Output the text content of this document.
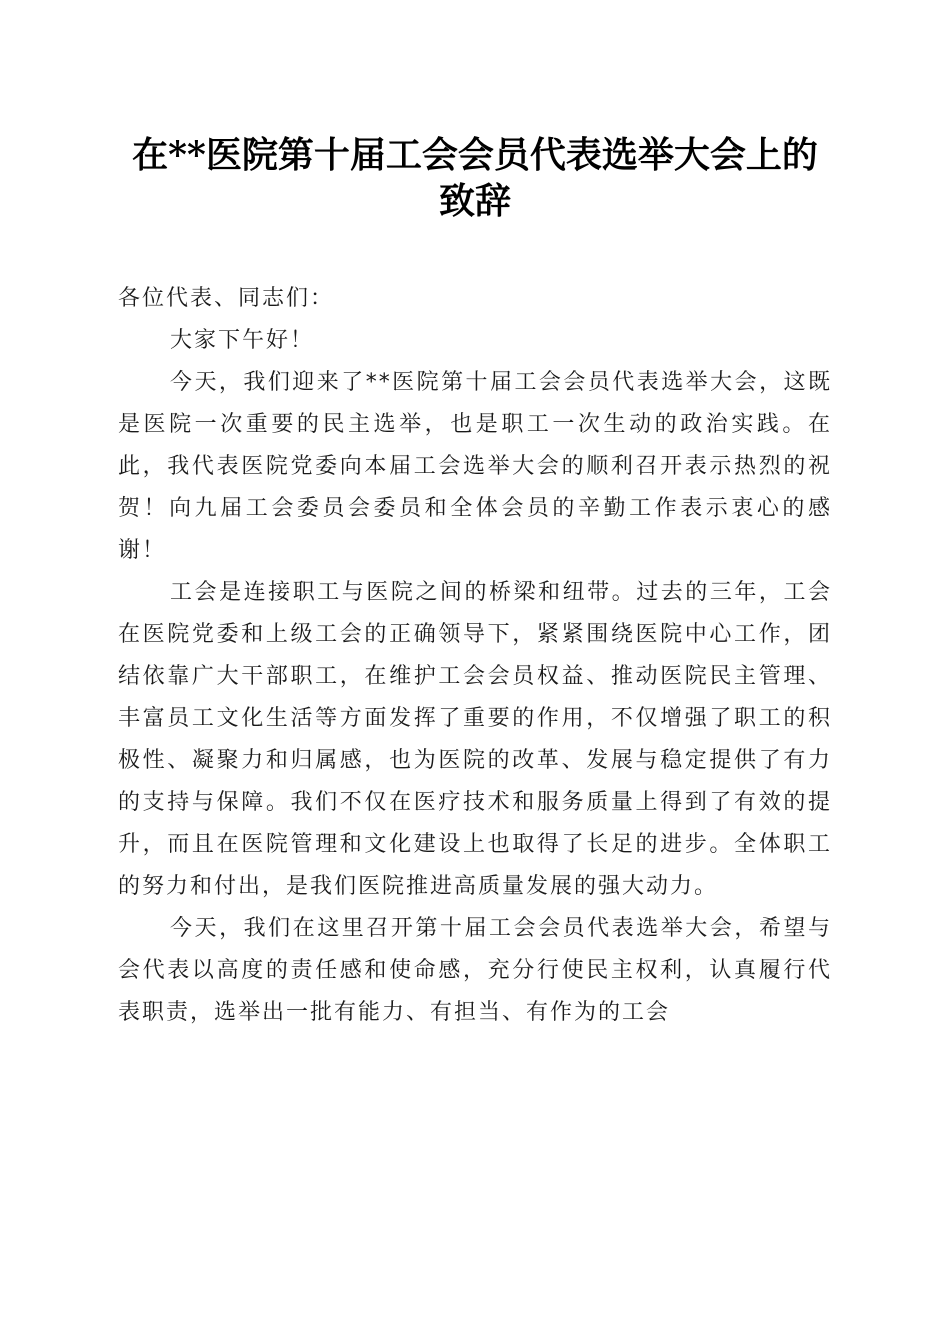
在**医院第十届工会会员代表选举大会上的致辞

各位代表、同志们：

大家下午好！

今天，我们迎来了**医院第十届工会会员代表选举大会，这既是医院一次重要的民主选举，也是职工一次生动的政治实践。在此，我代表医院党委向本届工会选举大会的顺利召开表示热烈的祝贺！向九届工会委员会委员和全体会员的辛勤工作表示衷心的感谢！

工会是连接职工与医院之间的桥梁和纽带。过去的三年，工会在医院党委和上级工会的正确领导下，紧紧围绕医院中心工作，团结依靠广大干部职工，在维护工会会员权益、推动医院民主管理、丰富员工文化生活等方面发挥了重要的作用，不仅增强了职工的积极性、凝聚力和归属感，也为医院的改革、发展与稳定提供了有力的支持与保障。我们不仅在医疗技术和服务质量上得到了有效的提升，而且在医院管理和文化建设上也取得了长足的进步。全体职工的努力和付出，是我们医院推进高质量发展的强大动力。

今天，我们在这里召开第十届工会会员代表选举大会，希望与会代表以高度的责任感和使命感，充分行使民主权利，认真履行代表职责，选举出一批有能力、有担当、有作为的工会
